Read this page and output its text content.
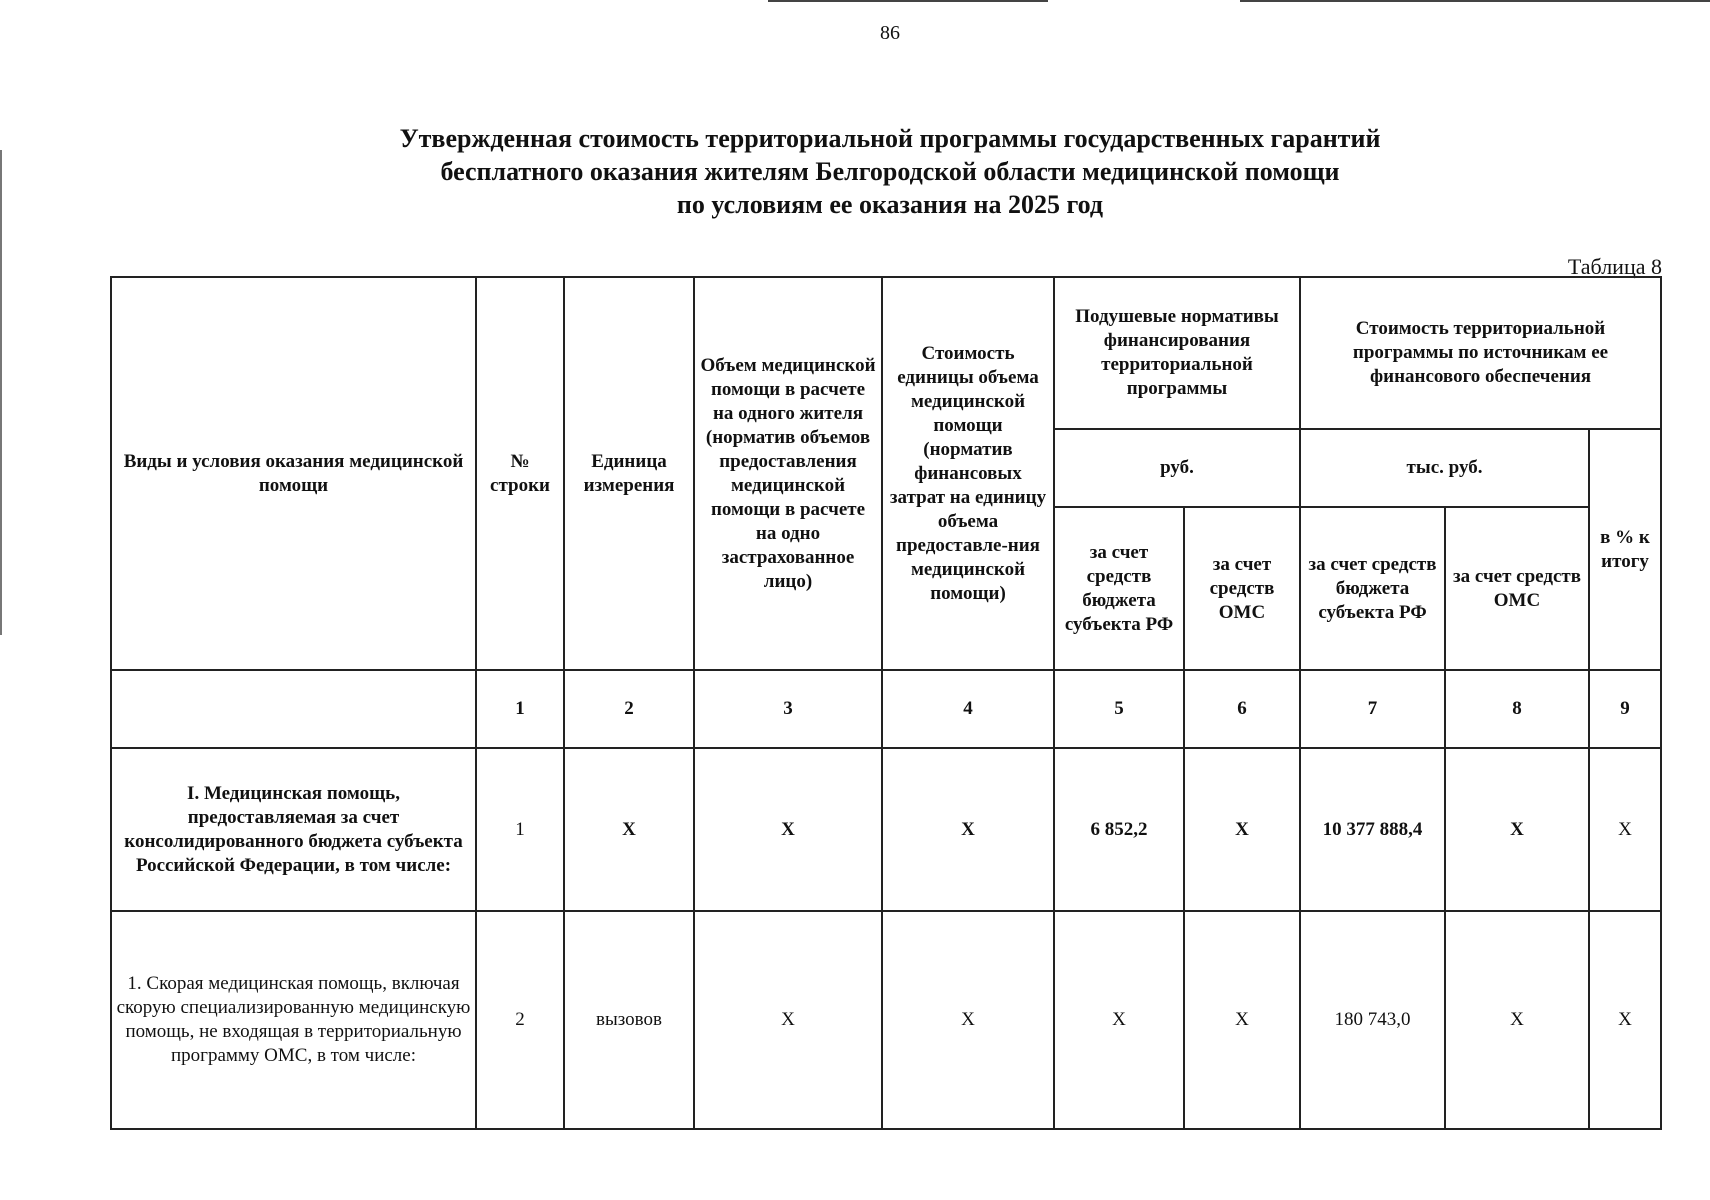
86
Утвержденная стоимость территориальной программы государственных гарантий
бесплатного оказания жителям Белгородской области медицинской помощи
по условиям ее оказания на 2025 год
Таблица 8
Виды и условия оказания медицинской помощи	№ строки	Единица измерения	Объем медицинской помощи в расчете на одного жителя (норматив объемов предоставления медицинской помощи в расчете на одно застрахованное лицо)	Стоимость единицы объема медицинской помощи (норматив финансовых затрат на единицу объема предоставле-ния медицинской помощи)	Подушевые нормативы финансирования территориальной программы		Стоимость территориальной программы по источникам ее финансового обеспечения		
					руб.		тыс. руб.		в % к итогу
					за счет средств бюджета субъекта РФ	за счет средств ОМС	за счет средств бюджета субъекта РФ	за счет средств ОМС	
	1	2	3	4	5	6	7	8	9
I. Медицинская помощь, предоставляемая за счет консолидированного бюджета субъекта Российской Федерации, в том числе:	1	X	X	X	6 852,2	X	10 377 888,4	X	X
1. Скорая медицинская помощь, включая скорую специализированную медицинскую помощь, не входящая в территориальную программу ОМС, в том числе:	2	вызовов	X	X	X	X	180 743,0	X	X
